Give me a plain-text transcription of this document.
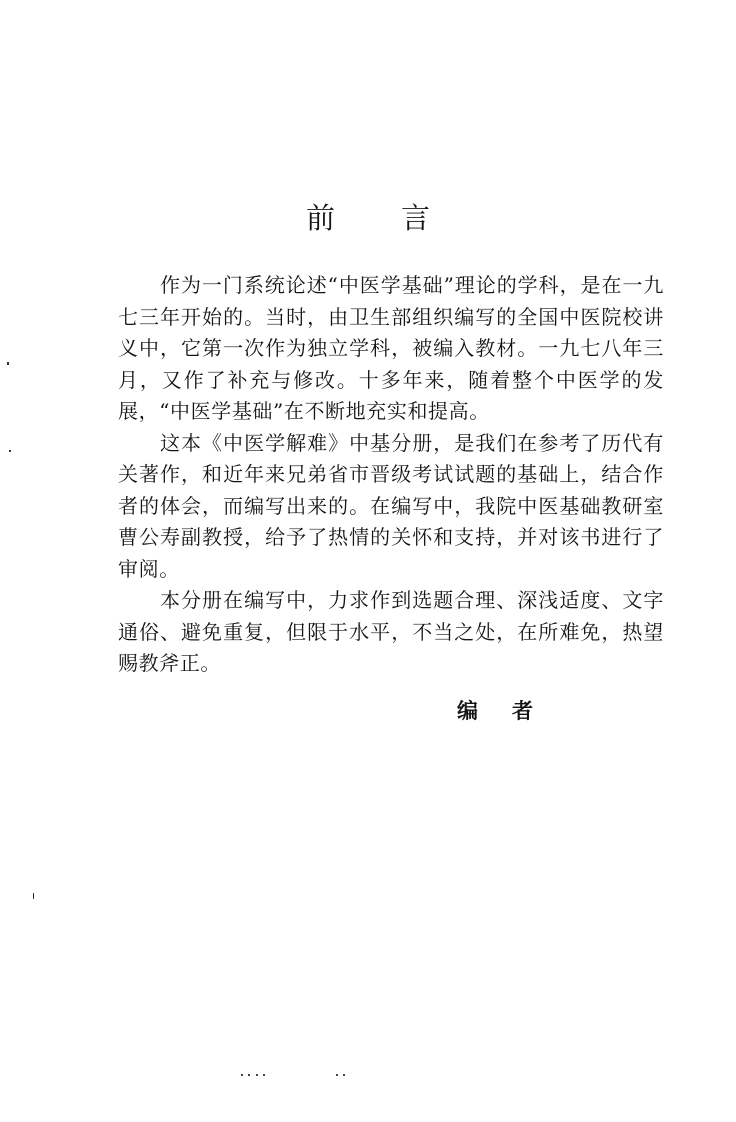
前言

作为一门系统论述“中医学基础”理论的学科，是在一九七三年开始的。当时，由卫生部组织编写的全国中医院校讲义中，它第一次作为独立学科，被编入教材。一九七八年三月，又作了补充与修改。十多年来，随着整个中医学的发展，“中医学基础”在不断地充实和提高。

这本《中医学解难》中基分册，是我们在参考了历代有关著作，和近年来兄弟省市晋级考试试题的基础上，结合作者的体会，而编写出来的。在编写中，我院中医基础教研室曹公寿副教授，给予了热情的关怀和支持，并对该书进行了审阅。

本分册在编写中，力求作到选题合理、深浅适度、文字通俗、避免重复，但限于水平，不当之处，在所难免，热望赐教斧正。

编者
